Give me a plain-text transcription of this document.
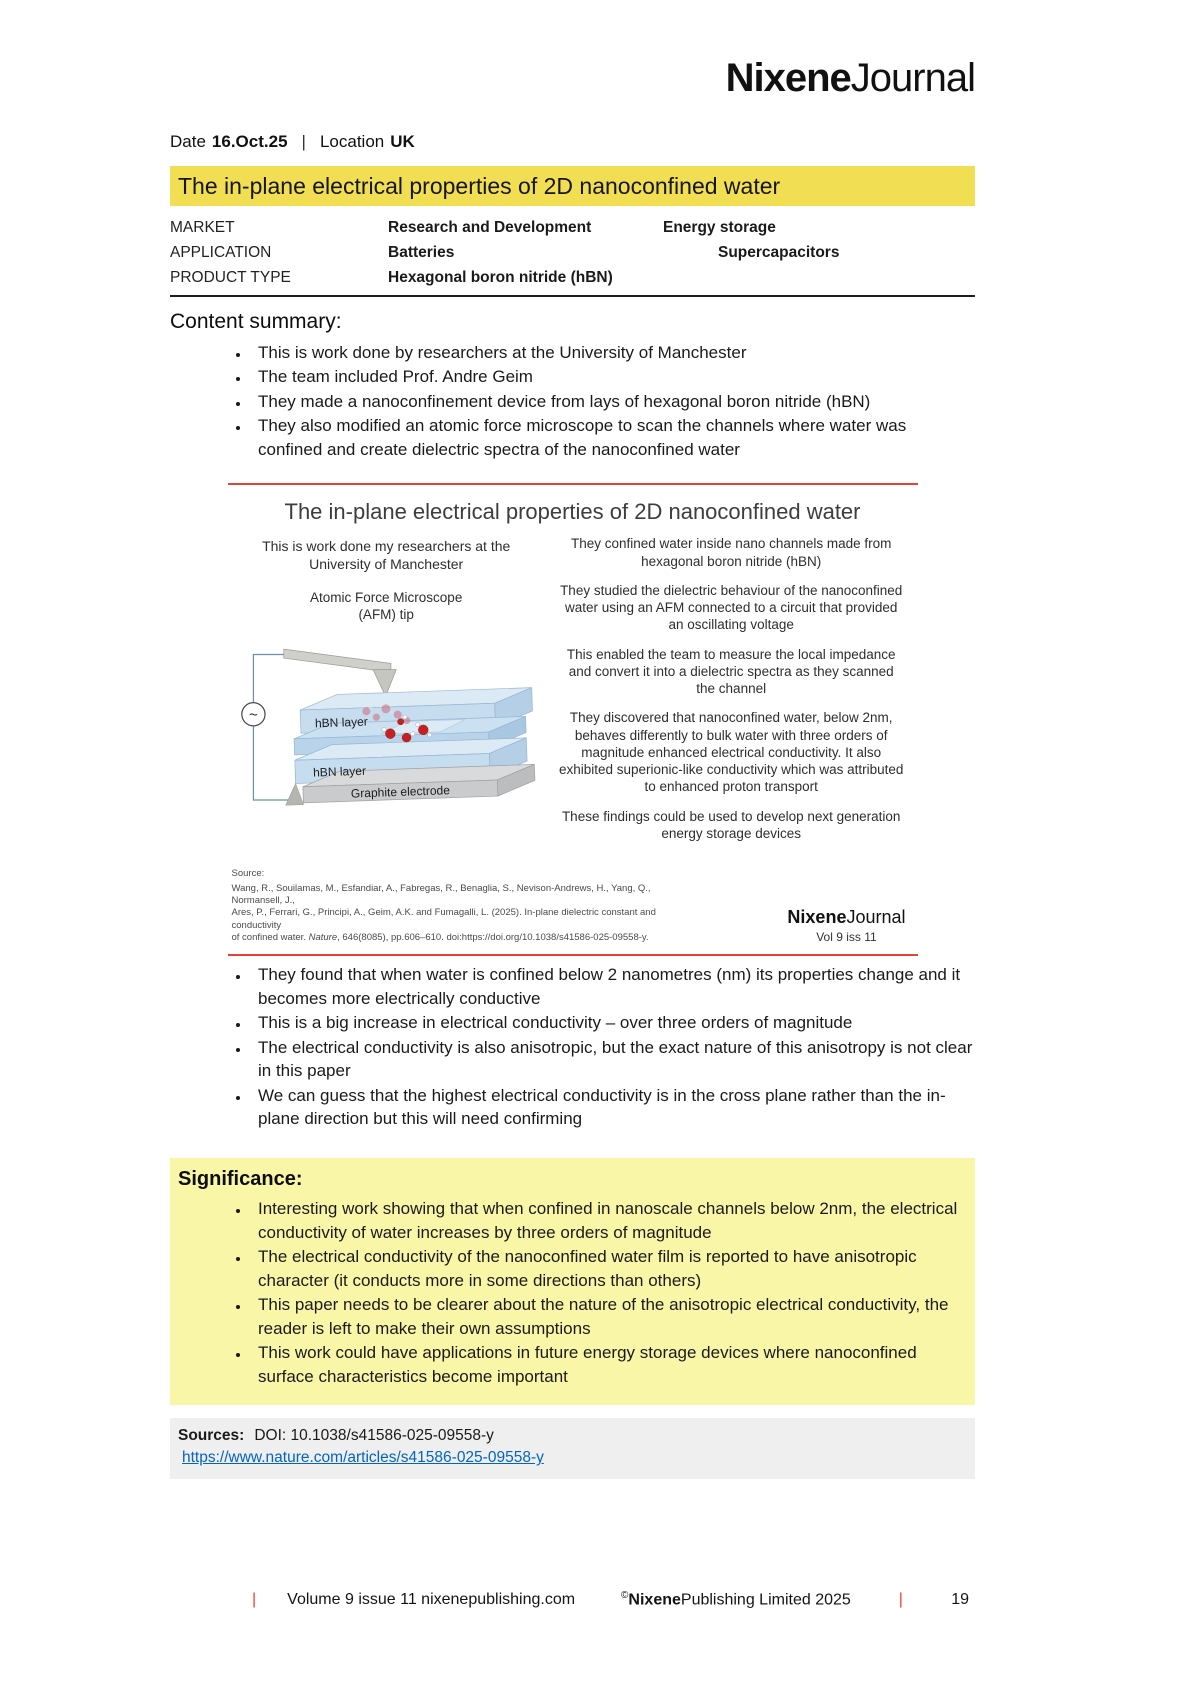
NixeneJournal
Date 16.Oct.25 | Location UK
The in-plane electrical properties of 2D nanoconfined water
MARKET	Research and Development	Energy storage
APPLICATION	Batteries	Supercapacitors
PRODUCT TYPE	Hexagonal boron nitride (hBN)
Content summary:
• This is work done by researchers at the University of Manchester
• The team included Prof. Andre Geim
• They made a nanoconfinement device from lays of hexagonal boron nitride (hBN)
• They also modified an atomic force microscope to scan the channels where water was confined and create dielectric spectra of the nanoconfined water
The in-plane electrical properties of 2D nanoconfined water
This is work done my researchers at the University of Manchester
Atomic Force Microscope (AFM) tip
~	hBN layer
hBN layer
Graphite electrode

They confined water inside nano channels made from hexagonal boron nitride (hBN)

They studied the dielectric behaviour of the nanoconfined water using an AFM connected to a circuit that provided an oscillating voltage

This enabled the team to measure the local impedance and convert it into a dielectric spectra as they scanned the channel

They discovered that nanoconfined water, below 2nm, behaves differently to bulk water with three orders of magnitude enhanced electrical conductivity. It also exhibited superionic-like conductivity which was attributed to enhanced proton transport

These findings could be used to develop next generation energy storage devices

Source:
Wang, R., Souilamas, M., Esfandiar, A., Fabregas, R., Benaglia, S., Nevison-Andrews, H., Yang, Q., Normansell, J.,
Ares, P., Ferrari, G., Principi, A., Geim, A.K. and Fumagalli, L. (2025). In-plane dielectric constant and conductivity
of confined water. Nature, 646(8085), pp.606–610. doi:https://doi.org/10.1038/s41586-025-09558-y.
NixeneJournal
Vol 9 iss 11
• They found that when water is confined below 2 nanometres (nm) its properties change and it becomes more electrically conductive
• This is a big increase in electrical conductivity – over three orders of magnitude
• The electrical conductivity is also anisotropic, but the exact nature of this anisotropy is not clear in this paper
• We can guess that the highest electrical conductivity is in the cross plane rather than the in-plane direction but this will need confirming
Significance:
• Interesting work showing that when confined in nanoscale channels below 2nm, the electrical conductivity of water increases by three orders of magnitude
• The electrical conductivity of the nanoconfined water film is reported to have anisotropic character (it conducts more in some directions than others)
• This paper needs to be clearer about the nature of the anisotropic electrical conductivity, the reader is left to make their own assumptions
• This work could have applications in future energy storage devices where nanoconfined surface characteristics become important
Sources: DOI: 10.1038/s41586-025-09558-y
https://www.nature.com/articles/s41586-025-09558-y
| Volume 9 issue 11 nixenepublishing.com	©NixenePublishing Limited 2025	|	19
